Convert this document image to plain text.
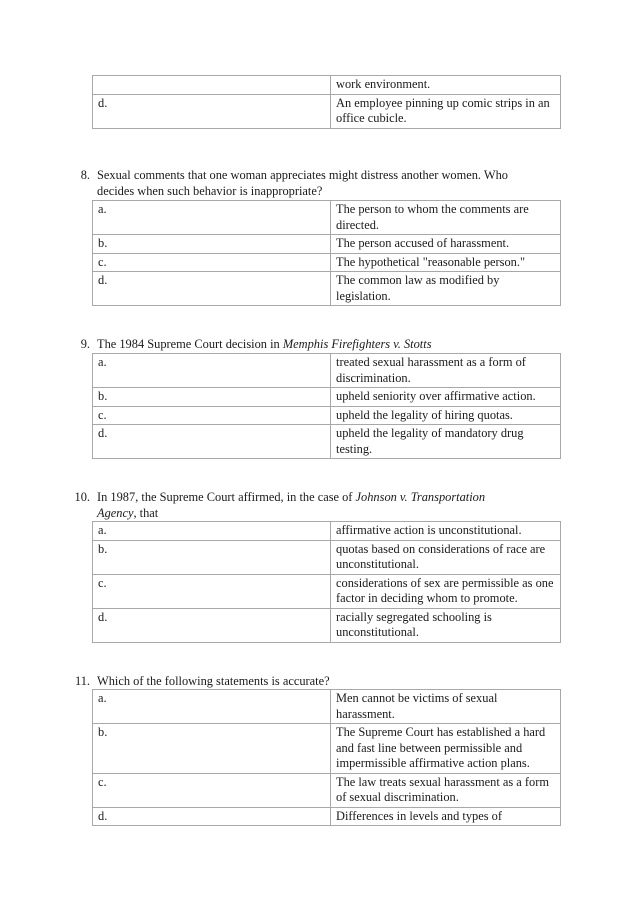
	work environment.
d.	An employee pinning up comic strips in an office cubicle.
8. Sexual comments that one woman appreciates might distress another women. Who decides when such behavior is inappropriate?
a.	The person to whom the comments are directed.
b.	The person accused of harassment.
c.	The hypothetical "reasonable person."
d.	The common law as modified by legislation.
9. The 1984 Supreme Court decision in Memphis Firefighters v. Stotts
a.	treated sexual harassment as a form of discrimination.
b.	upheld seniority over affirmative action.
c.	upheld the legality of hiring quotas.
d.	upheld the legality of mandatory drug testing.
10. In 1987, the Supreme Court affirmed, in the case of Johnson v. Transportation Agency, that
a.	affirmative action is unconstitutional.
b.	quotas based on considerations of race are unconstitutional.
c.	considerations of sex are permissible as one factor in deciding whom to promote.
d.	racially segregated schooling is unconstitutional.
11. Which of the following statements is accurate?
a.	Men cannot be victims of sexual harassment.
b.	The Supreme Court has established a hard and fast line between permissible and impermissible affirmative action plans.
c.	The law treats sexual harassment as a form of sexual discrimination.
d.	Differences in levels and types of
